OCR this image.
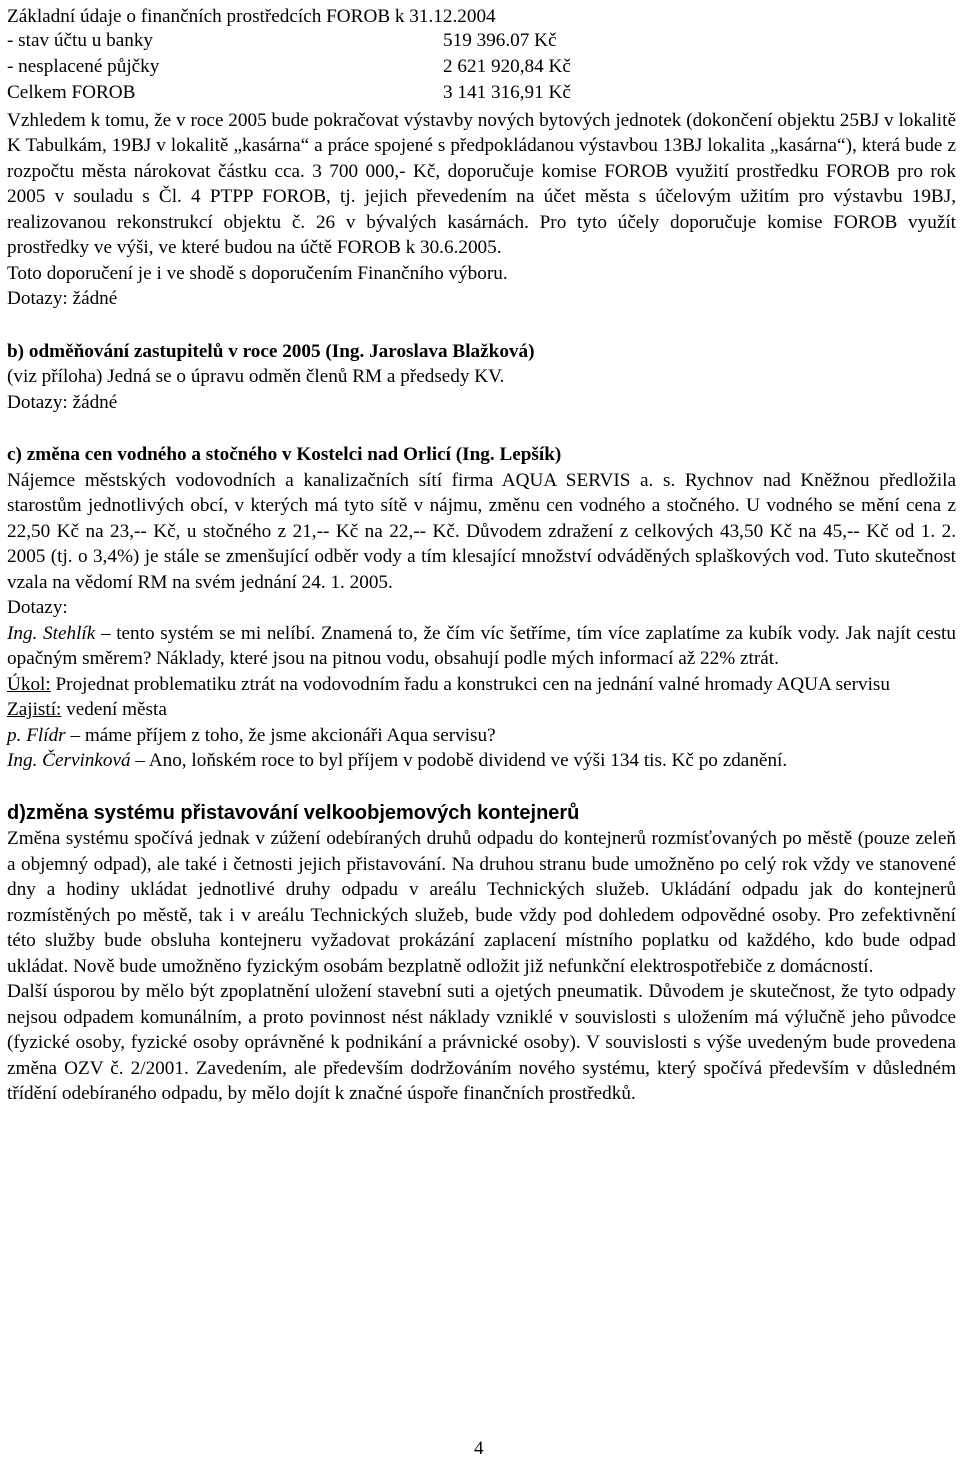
Základní údaje o finančních prostředcích FOROB k 31.12.2004

- stav účtu u banky	519 396.07 Kč
- nesplacené půjčky	2 621 920,84 Kč
Celkem FOROB	3 141 316,91 Kč

Vzhledem k tomu, že v roce 2005 bude pokračovat výstavby nových bytových jednotek (dokončení objektu 25BJ v lokalitě K Tabulkám, 19BJ v lokalitě „kasárna“ a práce spojené s předpokládanou výstavbou 13BJ lokalita „kasárna“), která bude z rozpočtu města nárokovat částku cca. 3 700 000,- Kč, doporučuje komise FOROB využití prostředku FOROB pro rok 2005 v souladu s Čl. 4 PTPP FOROB, tj. jejich převedením na účet města s účelovým užitím pro výstavbu 19BJ, realizovanou rekonstrukcí objektu č. 26 v bývalých kasárnách. Pro tyto účely doporučuje komise FOROB využít prostředky ve výši, ve které budou na účtě FOROB k 30.6.2005.

Toto doporučení je i ve shodě s doporučením Finančního výboru.

Dotazy: žádné

b) odměňování zastupitelů v roce 2005 (Ing. Jaroslava Blažková)

(viz příloha) Jedná se o úpravu odměn členů RM a předsedy KV.

Dotazy: žádné

c) změna cen vodného a stočného v Kostelci nad Orlicí (Ing. Lepšík)

Nájemce městských vodovodních a kanalizačních sítí firma AQUA SERVIS a. s. Rychnov nad Kněžnou předložila starostům jednotlivých obcí, v kterých má tyto sítě v nájmu, změnu cen vodného a stočného. U vodného se mění cena z 22,50 Kč na 23,-- Kč, u stočného z 21,-- Kč na 22,-- Kč. Důvodem zdražení z celkových 43,50 Kč na 45,-- Kč od 1. 2. 2005 (tj. o 3,4%) je stále se zmenšující odběr vody a tím klesající množství odváděných splaškových vod. Tuto skutečnost vzala na vědomí RM na svém jednání 24. 1. 2005.

Dotazy:

Ing. Stehlík – tento systém se mi nelíbí. Znamená to, že čím víc šetříme, tím více zaplatíme za kubík vody. Jak najít cestu opačným směrem? Náklady, které jsou na pitnou vodu, obsahují podle mých informací až 22% ztrát.

Úkol: Projednat problematiku ztrát na vodovodním řadu a konstrukci cen na jednání valné hromady AQUA servisu

Zajistí: vedení města

p. Flídr – máme příjem z toho, že jsme akcionáři Aqua servisu?

Ing. Červinková – Ano, loňském roce to byl příjem v podobě dividend ve výši 134 tis. Kč po zdanění.

d)změna systému přistavování velkoobjemových kontejnerů

Změna systému spočívá jednak v zúžení odebíraných druhů odpadu do kontejnerů rozmísťovaných po městě (pouze zeleň a objemný odpad), ale také i četnosti jejich přistavování. Na druhou stranu bude umožněno po celý rok vždy ve stanovené dny a hodiny ukládat jednotlivé druhy odpadu v areálu Technických služeb. Ukládání odpadu jak do kontejnerů rozmístěných po městě, tak i v areálu Technických služeb, bude vždy pod dohledem odpovědné osoby. Pro zefektivnění této služby bude obsluha kontejneru vyžadovat prokázání zaplacení místního poplatku od každého, kdo bude odpad ukládat. Nově bude umožněno fyzickým osobám bezplatně odložit již nefunkční elektrospotřebiče z domácností.

Další úsporou by mělo být zpoplatnění uložení stavební suti a ojetých pneumatik. Důvodem je skutečnost, že tyto odpady nejsou odpadem komunálním, a proto povinnost nést náklady vzniklé v souvislosti s uložením má výlučně jeho původce (fyzické osoby, fyzické osoby oprávněné k podnikání a právnické osoby). V souvislosti s výše uvedeným bude provedena změna OZV č. 2/2001. Zavedením, ale především dodržováním nového systému, který spočívá především v důsledném třídění odebíraného odpadu, by mělo dojít k značné úspoře finančních prostředků.

4
